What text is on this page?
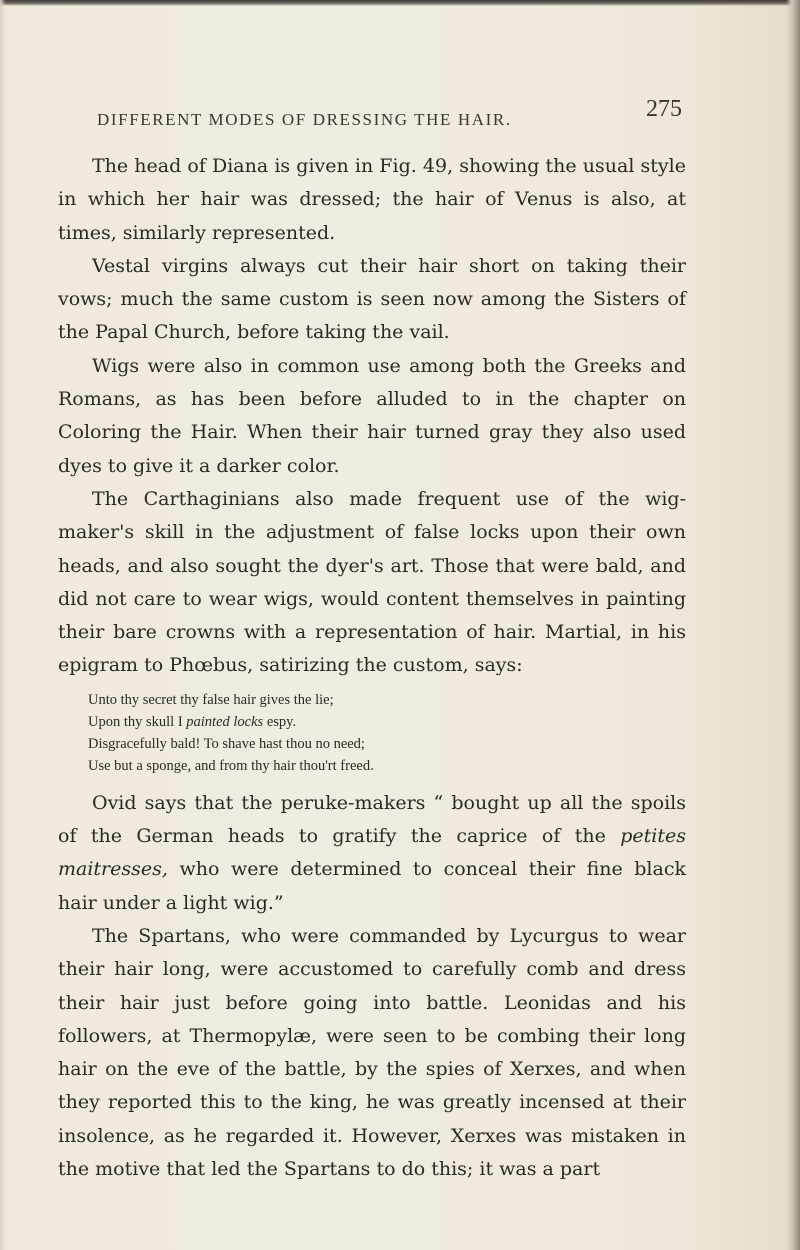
DIFFERENT MODES OF DRESSING THE HAIR.	275

The head of Diana is given in Fig. 49, showing the usual style in which her hair was dressed; the hair of Venus is also, at times, similarly represented.

Vestal virgins always cut their hair short on taking their vows; much the same custom is seen now among the Sisters of the Papal Church, before taking the vail.

Wigs were also in common use among both the Greeks and Romans, as has been before alluded to in the chapter on Coloring the Hair. When their hair turned gray they also used dyes to give it a darker color.

The Carthaginians also made frequent use of the wig-maker's skill in the adjustment of false locks upon their own heads, and also sought the dyer's art. Those that were bald, and did not care to wear wigs, would content themselves in painting their bare crowns with a representation of hair. Martial, in his epigram to Phœbus, satirizing the custom, says:

Unto thy secret thy false hair gives the lie;
Upon thy skull I painted locks espy.
Disgracefully bald! To shave hast thou no need;
Use but a sponge, and from thy hair thou'rt freed.

Ovid says that the peruke-makers “ bought up all the spoils of the German heads to gratify the caprice of the petites maitresses, who were determined to conceal their fine black hair under a light wig.”

The Spartans, who were commanded by Lycurgus to wear their hair long, were accustomed to carefully comb and dress their hair just before going into battle. Leonidas and his followers, at Thermopylæ, were seen to be combing their long hair on the eve of the battle, by the spies of Xerxes, and when they reported this to the king, he was greatly incensed at their insolence, as he regarded it. However, Xerxes was mistaken in the motive that led the Spartans to do this; it was a part
